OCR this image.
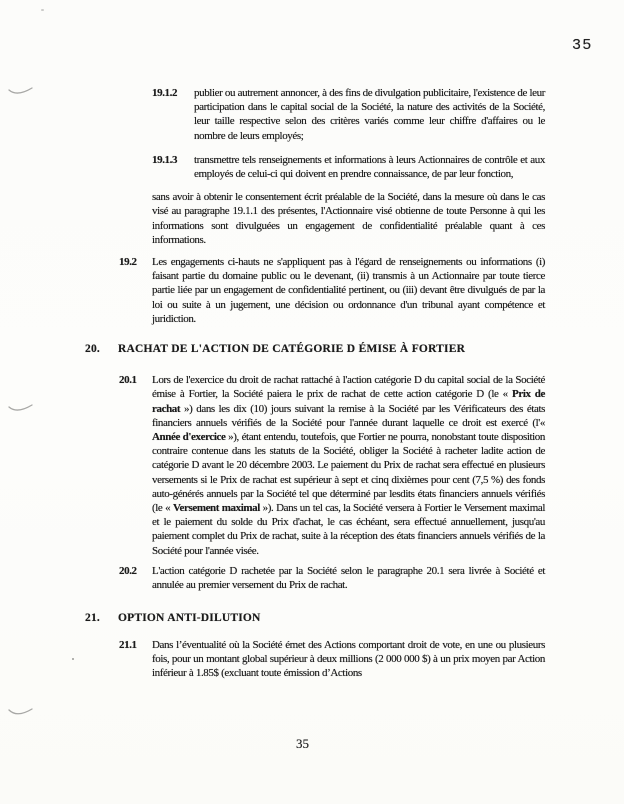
35
19.1.2	publier ou autrement annoncer, à des fins de divulgation publicitaire, l'existence de leur participation dans le capital social de la Société, la nature des activités de la Société, leur taille respective selon des critères variés comme leur chiffre d'affaires ou le nombre de leurs employés;
19.1.3	transmettre tels renseignements et informations à leurs Actionnaires de contrôle et aux employés de celui-ci qui doivent en prendre connaissance, de par leur fonction,
sans avoir à obtenir le consentement écrit préalable de la Société, dans la mesure où dans le cas visé au paragraphe 19.1.1 des présentes, l'Actionnaire visé obtienne de toute Personne à qui les informations sont divulguées un engagement de confidentialité préalable quant à ces informations.
19.2	Les engagements ci-hauts ne s'appliquent pas à l'égard de renseignements ou informations (i) faisant partie du domaine public ou le devenant, (ii) transmis à un Actionnaire par toute tierce partie liée par un engagement de confidentialité pertinent, ou (iii) devant être divulgués de par la loi ou suite à un jugement, une décision ou ordonnance d'un tribunal ayant compétence et juridiction.
20.	RACHAT DE L'ACTION DE CATÉGORIE D ÉMISE À FORTIER
20.1	Lors de l'exercice du droit de rachat rattaché à l'action catégorie D du capital social de la Société émise à Fortier, la Société paiera le prix de rachat de cette action catégorie D (le « Prix de rachat ») dans les dix (10) jours suivant la remise à la Société par les Vérificateurs des états financiers annuels vérifiés de la Société pour l'année durant laquelle ce droit est exercé (l'« Année d'exercice »), étant entendu, toutefois, que Fortier ne pourra, nonobstant toute disposition contraire contenue dans les statuts de la Société, obliger la Société à racheter ladite action de catégorie D avant le 20 décembre 2003. Le paiement du Prix de rachat sera effectué en plusieurs versements si le Prix de rachat est supérieur à sept et cinq dixièmes pour cent (7,5 %) des fonds auto-générés annuels par la Société tel que déterminé par lesdits états financiers annuels vérifiés (le « Versement maximal »). Dans un tel cas, la Société versera à Fortier le Versement maximal et le paiement du solde du Prix d'achat, le cas échéant, sera effectué annuellement, jusqu'au paiement complet du Prix de rachat, suite à la réception des états financiers annuels vérifiés de la Société pour l'année visée.
20.2	L'action catégorie D rachetée par la Société selon le paragraphe 20.1 sera livrée à Société et annulée au premier versement du Prix de rachat.
21.	OPTION ANTI-DILUTION
21.1	Dans l’éventualité où la Société émet des Actions comportant droit de vote, en une ou plusieurs fois, pour un montant global supérieur à deux millions (2 000 000 $) à un prix moyen par Action inférieur à 1.85$ (excluant toute émission d’Actions
35
